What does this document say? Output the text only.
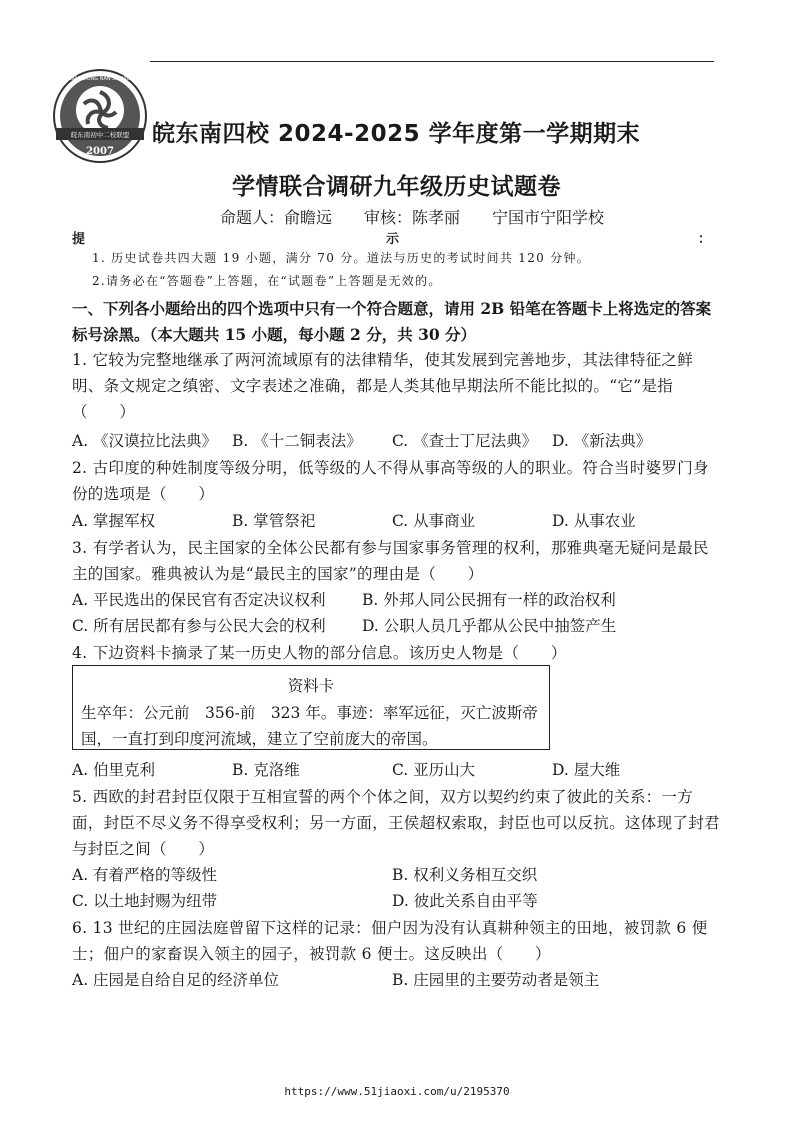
皖东南初中二校联盟
2007
WAN DONG NAN SI XIAO
皖东南四校 2024-2025 学年度第一学期期末
学情联合调研九年级历史试题卷
命题人：俞瞻远　　审核：陈孝丽　　宁国市宁阳学校
提	示	：
1. 历史试卷共四大题 19 小题，满分 70 分。道法与历史的考试时间共 120 分钟。
2.请务必在“答题卷”上答题，在“试题卷”上答题是无效的。
一、下列各小题给出的四个选项中只有一个符合题意，请用 2B 铅笔在答题卡上将选定的答案标号涂黑。（本大题共 15 小题，每小题 2 分，共 30 分）
1. 它较为完整地继承了两河流域原有的法律精华，使其发展到完善地步，其法律特征之鲜明、条文规定之缜密、文字表述之准确，都是人类其他早期法所不能比拟的。“它”是指（　　）
A. 《汉谟拉比法典》 B. 《十二铜表法》 C. 《查士丁尼法典》 D. 《新法典》
2. 古印度的种姓制度等级分明，低等级的人不得从事高等级的人的职业。符合当时婆罗门身份的选项是（　　）
A. 掌握军权	B. 掌管祭祀	C. 从事商业	D. 从事农业
3. 有学者认为，民主国家的全体公民都有参与国家事务管理的权利，那雅典毫无疑问是最民主的国家。雅典被认为是“最民主的国家”的理由是（　　）
A. 平民选出的保民官有否定决议权利 B. 外邦人同公民拥有一样的政治权利
C. 所有居民都有参与公民大会的权利 D. 公职人员几乎都从公民中抽签产生
4. 下边资料卡摘录了某一历史人物的部分信息。该历史人物是（　　）
资料卡
生卒年：公元前　356-前　323 年。事迹：率军远征，灭亡波斯帝国，一直打到印度河流域，建立了空前庞大的帝国。
A. 伯里克利	B. 克洛维	C. 亚历山大	D. 屋大维
5. 西欧的封君封臣仅限于互相宣誓的两个个体之间，双方以契约约束了彼此的关系：一方面，封臣不尽义务不得享受权利；另一方面，王侯超权索取，封臣也可以反抗。这体现了封君与封臣之间（　　）
A. 有着严格的等级性	B. 权利义务相互交织
C. 以土地封赐为纽带	D. 彼此关系自由平等
6. 13 世纪的庄园法庭曾留下这样的记录：佃户因为没有认真耕种领主的田地，被罚款 6 便士；佃户的家畜误入领主的园子，被罚款 6 便士。这反映出（　　）
A. 庄园是自给自足的经济单位	B. 庄园里的主要劳动者是领主
https://www.51jiaoxi.com/u/2195370
